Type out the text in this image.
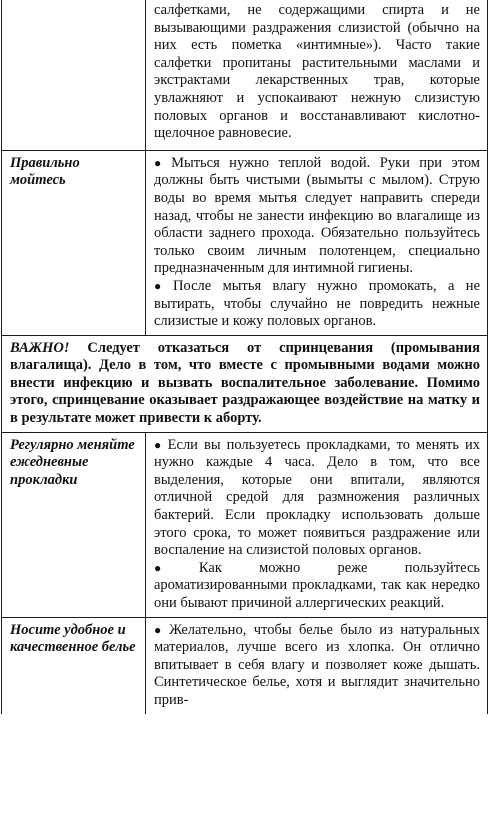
	салфетками, не содержащими спирта и не вызывающими раздражения слизистой (обычно на них есть пометка «интимные»). Часто такие салфетки пропитаны растительными маслами и экстрактами лекарственных трав, которые увлажняют и успокаивают нежную слизистую половых органов и восстанавливают кислотно-щелочное равновесие.

Правильно мойтесь	● Мыться нужно теплой водой. Руки при этом должны быть чистыми (вымыты с мылом). Струю воды во время мытья следует направить спереди назад, чтобы не занести инфекцию во влагалище из области заднего прохода. Обязательно пользуйтесь только своим личным полотенцем, специально предназначенным для интимной гигиены.

● После мытья влагу нужно промокать, а не вытирать, чтобы случайно не повредить нежные слизистые и кожу половых органов.

ВАЖНО! Следует отказаться от спринцевания (промывания влагалища). Дело в том, что вместе с промывными водами можно внести инфекцию и вызвать воспалительное заболевание. Помимо этого, спринцевание оказывает раздражающее воздействие на матку и в результате может привести к аборту.	
Регулярно меняйте ежедневные прокладки	● Если вы пользуетесь прокладками, то менять их нужно каждые 4 часа. Дело в том, что все выделения, которые они впитали, являются отличной средой для размножения различных бактерий. Если прокладку использовать дольше этого срока, то может появиться раздражение или воспаление на слизистой половых органов.

● Как можно реже пользуйтесь ароматизированными прокладками, так как нередко они бывают причиной аллергических реакций.

Носите удобное и качественное белье	● Желательно, чтобы белье было из натуральных материалов, лучше всего из хлопка. Он отлично впитывает в себя влагу и позволяет коже дышать. Синтетическое белье, хотя и выглядит значительно прив-
